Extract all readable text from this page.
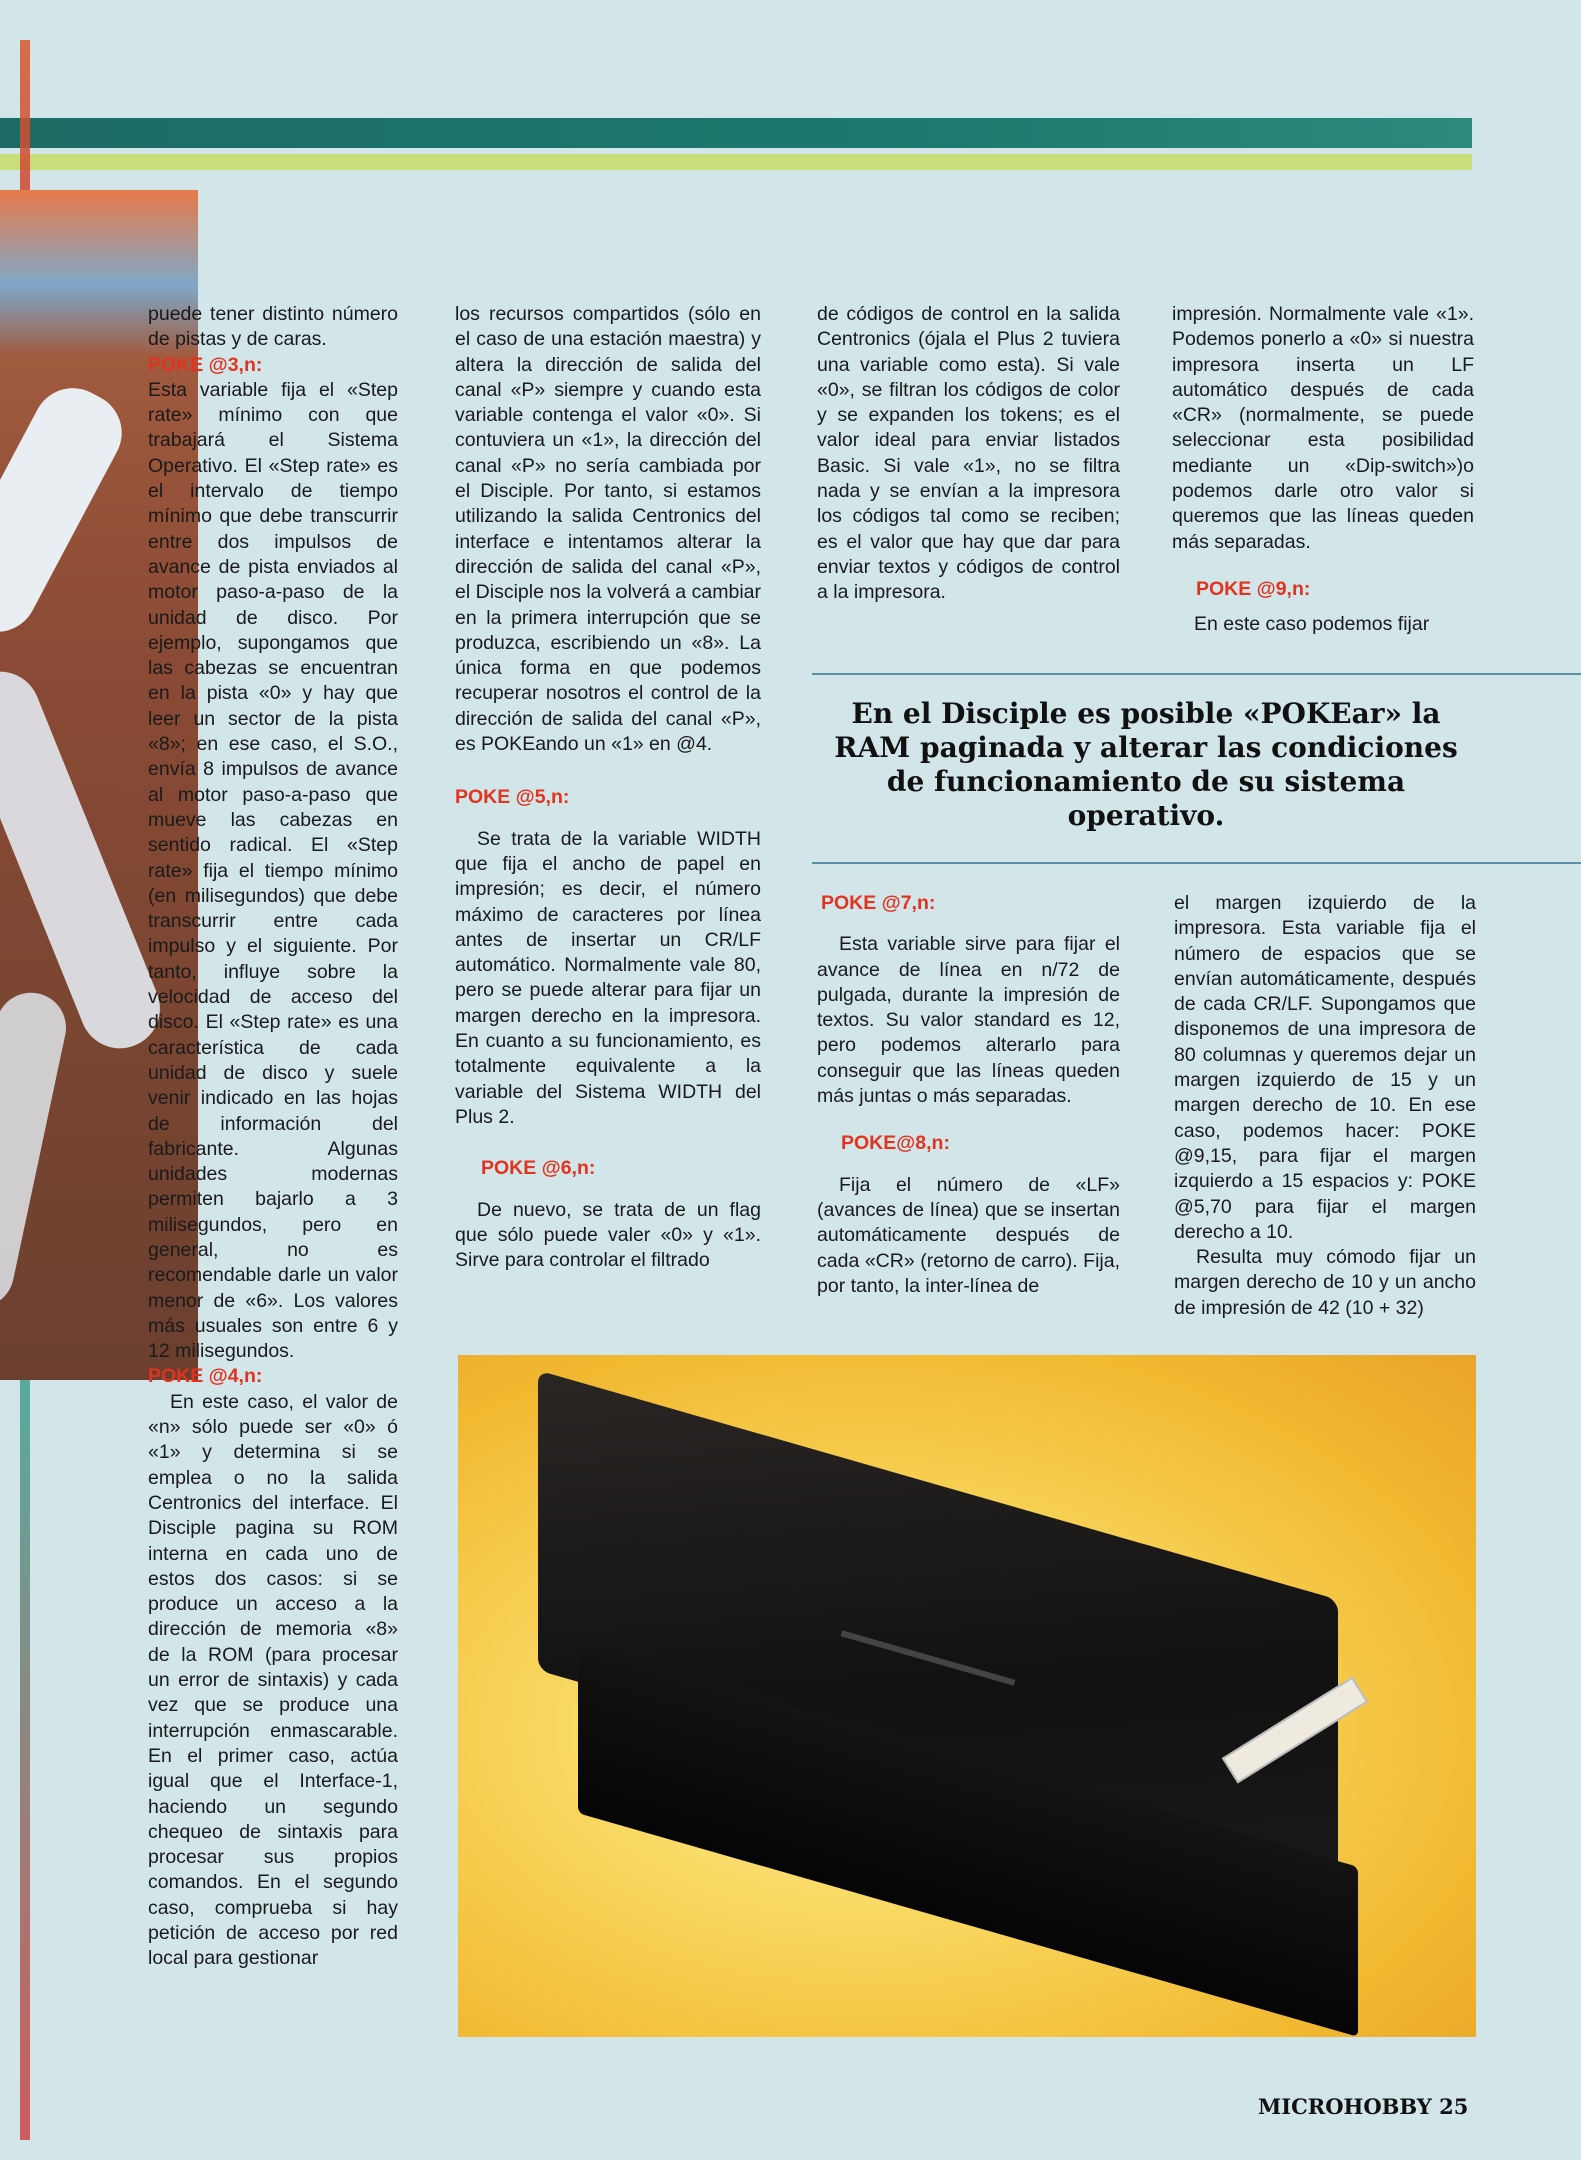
puede tener distinto número de pistas y de caras.

POKE @3,n:

Esta variable fija el «Step rate» mínimo con que trabajará el Sistema Operativo. El «Step rate» es el intervalo de tiempo mínimo que debe transcurrir entre dos impulsos de avance de pista enviados al motor paso-a-paso de la unidad de disco. Por ejemplo, supongamos que las cabezas se encuentran en la pista «0» y hay que leer un sector de la pista «8»; en ese caso, el S.O., envía 8 impulsos de avance al motor paso-a-paso que mueve las cabezas en sentido radical. El «Step rate» fija el tiempo mínimo (en milisegundos) que debe transcurrir entre cada impulso y el siguiente. Por tanto, influye sobre la velocidad de acceso del disco. El «Step rate» es una característica de cada unidad de disco y suele venir indicado en las hojas de información del fabricante. Algunas unidades modernas permiten bajarlo a 3 milisegundos, pero en general, no es recomendable darle un valor menor de «6». Los valores más usuales son entre 6 y 12 milisegundos.

POKE @4,n:

En este caso, el valor de «n» sólo puede ser «0» ó «1» y determina si se emplea o no la salida Centronics del interface. El Disciple pagina su ROM interna en cada uno de estos dos casos: si se produce un acceso a la dirección de memoria «8» de la ROM (para procesar un error de sintaxis) y cada vez que se produce una interrupción enmascarable. En el primer caso, actúa igual que el Interface-1, haciendo un segundo chequeo de sintaxis para procesar sus propios comandos. En el segundo caso, comprueba si hay petición de acceso por red local para gestionar

los recursos compartidos (sólo en el caso de una estación maestra) y altera la dirección de salida del canal «P» siempre y cuando esta variable contenga el valor «0». Si contuviera un «1», la dirección del canal «P» no sería cambiada por el Disciple. Por tanto, si estamos utilizando la salida Centronics del interface e intentamos alterar la dirección de salida del canal «P», el Disciple nos la volverá a cambiar en la primera interrupción que se produzca, escribiendo un «8». La única forma en que podemos recuperar nosotros el control de la dirección de salida del canal «P», es POKEando un «1» en @4.

POKE @5,n:

Se trata de la variable WIDTH que fija el ancho de papel en impresión; es decir, el número máximo de caracteres por línea antes de insertar un CR/LF automático. Normalmente vale 80, pero se puede alterar para fijar un margen derecho en la impresora. En cuanto a su funcionamiento, es totalmente equivalente a la variable del Sistema WIDTH del Plus 2.

POKE @6,n:

De nuevo, se trata de un flag que sólo puede valer «0» y «1». Sirve para controlar el filtrado

de códigos de control en la salida Centronics (ójala el Plus 2 tuviera una variable como esta). Si vale «0», se filtran los códigos de color y se expanden los tokens; es el valor ideal para enviar listados Basic. Si vale «1», no se filtra nada y se envían a la impresora los códigos tal como se reciben; es el valor que hay que dar para enviar textos y códigos de control a la impresora.

impresión. Normalmente vale «1». Podemos ponerlo a «0» si nuestra impresora inserta un LF automático después de cada «CR» (normalmente, se puede seleccionar esta posibilidad mediante un «Dip-switch»)o podemos darle otro valor si queremos que las líneas queden más separadas.

POKE @9,n:

En este caso podemos fijar

En el Disciple es posible «POKEar» la RAM paginada y alterar las condiciones de funcionamiento de su sistema operativo.

POKE @7,n:

Esta variable sirve para fijar el avance de línea en n/72 de pulgada, durante la impresión de textos. Su valor standard es 12, pero podemos alterarlo para conseguir que las líneas queden más juntas o más separadas.

POKE@8,n:

Fija el número de «LF» (avances de línea) que se insertan automáticamente después de cada «CR» (retorno de carro). Fija, por tanto, la inter-línea de

el margen izquierdo de la impresora. Esta variable fija el número de espacios que se envían automáticamente, después de cada CR/LF. Supongamos que disponemos de una impresora de 80 columnas y queremos dejar un margen izquierdo de 15 y un margen derecho de 10. En ese caso, podemos hacer: POKE @9,15, para fijar el margen izquierdo a 15 espacios y: POKE @5,70 para fijar el margen derecho a 10.

Resulta muy cómodo fijar un margen derecho de 10 y un ancho de impresión de 42 (10 + 32)

MICROHOBBY 25
